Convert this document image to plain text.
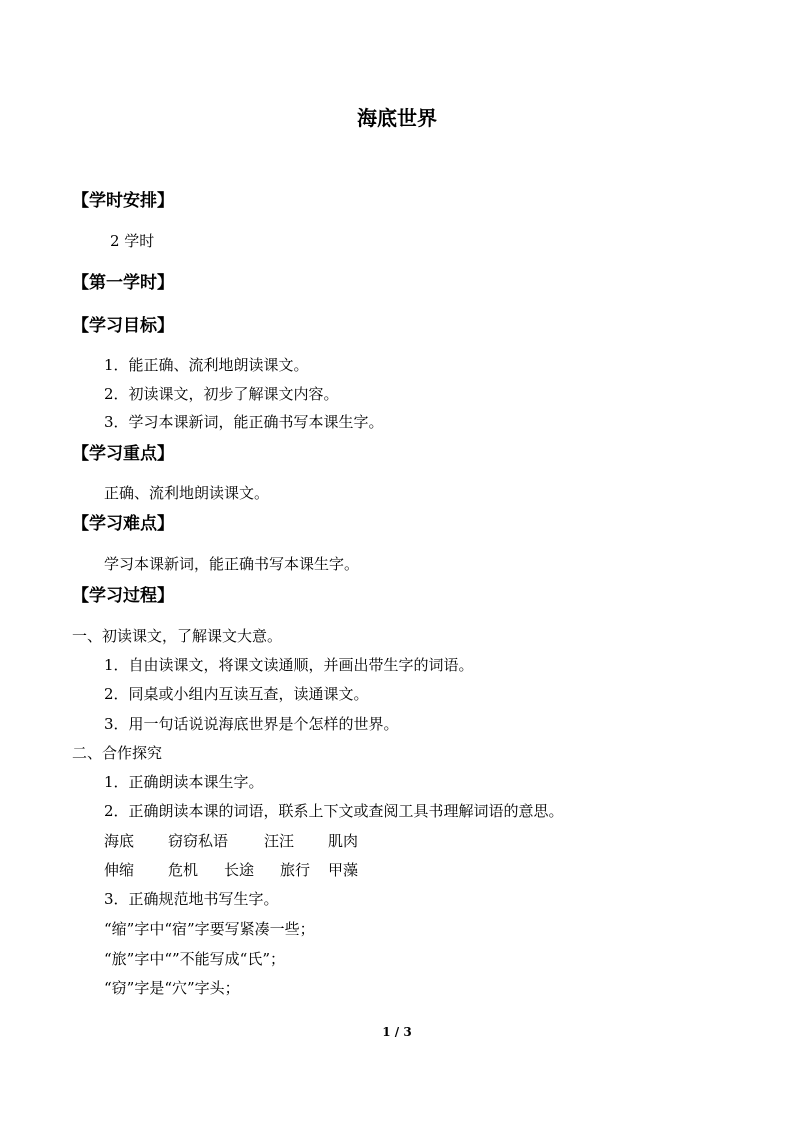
海底世界
【学时安排】
2 学时
【第一学时】
【学习目标】
1．能正确、流利地朗读课文。
2．初读课文，初步了解课文内容。
3．学习本课新词，能正确书写本课生字。
【学习重点】
正确、流利地朗读课文。
【学习难点】
学习本课新词，能正确书写本课生字。
【学习过程】
一、初读课文，了解课文大意。
1．自由读课文，将课文读通顺，并画出带生字的词语。
2．同桌或小组内互读互查，读通课文。
3．用一句话说说海底世界是个怎样的世界。
二、合作探究
1．正确朗读本课生字。
2．正确朗读本课的词语，联系上下文或查阅工具书理解词语的意思。
海底 窃窃私语 汪汪 肌肉
伸缩 危机 长途 旅行 甲藻
3．正确规范地书写生字。
“缩”字中“宿”字要写紧凑一些；
“旅”字中“”不能写成“氏”；
“窃”字是“穴”字头；
1 / 3
